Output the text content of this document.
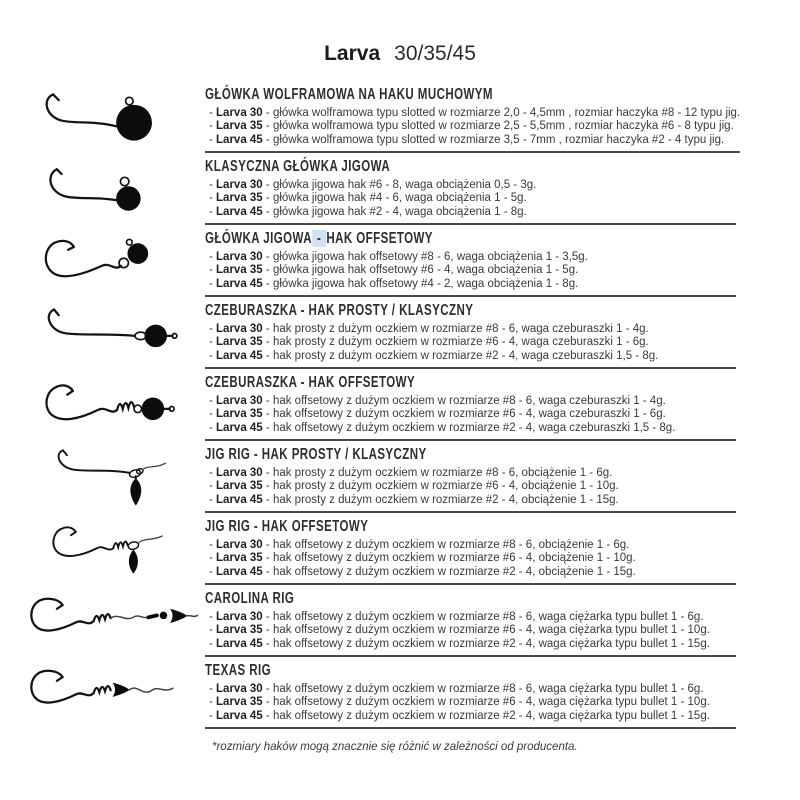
Larva 30/35/45
GŁÓWKA WOLFRAMOWA NA HAKU MUCHOWYM
- Larva 30 - główka wolframowa typu slotted w rozmiarze 2,0 - 4,5mm , rozmiar haczyka #8 - 12 typu jig.
- Larva 35 - główka wolframowa typu slotted w rozmiarze 2,5 - 5,5mm , rozmiar haczyka #6 - 8 typu jig.
- Larva 45 - główka wolframowa typu slotted w rozmiarze 3,5 - 7mm , rozmiar haczyka #2 - 4 typu jig.
KLASYCZNA GŁÓWKA JIGOWA
- Larva 30 - główka jigowa hak #6 - 8, waga obciążenia 0,5 - 3g.
- Larva 35 - główka jigowa hak #4 - 6, waga obciążenia 1 - 5g.
- Larva 45 - główka jigowa hak #2 - 4, waga obciążenia 1 - 8g.
GŁÓWKA JIGOWA - HAK OFFSETOWY
- Larva 30 - główka jigowa hak offsetowy #8 - 6, waga obciążenia 1 - 3,5g.
- Larva 35 - główka jigowa hak offsetowy #6 - 4, waga obciążenia 1 - 5g.
- Larva 45 - główka jigowa hak offsetowy #4 - 2, waga obciążenia 1 - 8g.
CZEBURASZKA - HAK PROSTY / KLASYCZNY
- Larva 30 - hak prosty z dużym oczkiem w rozmiarze #8 - 6, waga czeburaszki 1 - 4g.
- Larva 35 - hak prosty z dużym oczkiem w rozmiarze #6 - 4, waga czeburaszki 1 - 6g.
- Larva 45 - hak prosty z dużym oczkiem w rozmiarze #2 - 4, waga czeburaszki 1,5 - 8g.
CZEBURASZKA - HAK OFFSETOWY
- Larva 30 - hak offsetowy z dużym oczkiem w rozmiarze #8 - 6, waga czeburaszki 1 - 4g.
- Larva 35 - hak offsetowy z dużym oczkiem w rozmiarze #6 - 4, waga czeburaszki 1 - 6g.
- Larva 45 - hak offsetowy z dużym oczkiem w rozmiarze #2 - 4, waga czeburaszki 1,5 - 8g.
JIG RIG - HAK PROSTY / KLASYCZNY
- Larva 30 - hak prosty z dużym oczkiem w rozmiarze #8 - 6, obciążenie 1 - 6g.
- Larva 35 - hak prosty z dużym oczkiem w rozmiarze #6 - 4, obciążenie 1 - 10g.
- Larva 45 - hak prosty z dużym oczkiem w rozmiarze #2 - 4, obciążenie 1 - 15g.
JIG RIG - HAK OFFSETOWY
- Larva 30 - hak offsetowy z dużym oczkiem w rozmiarze #8 - 6, obciążenie 1 - 6g.
- Larva 35 - hak offsetowy z dużym oczkiem w rozmiarze #6 - 4, obciążenie 1 - 10g.
- Larva 45 - hak offsetowy z dużym oczkiem w rozmiarze #2 - 4, obciążenie 1 - 15g.
CAROLINA RIG
- Larva 30 - hak offsetowy z dużym oczkiem w rozmiarze #8 - 6, waga ciężarka typu bullet 1 - 6g.
- Larva 35 - hak offsetowy z dużym oczkiem w rozmiarze #6 - 4, waga ciężarka typu bullet 1 - 10g.
- Larva 45 - hak offsetowy z dużym oczkiem w rozmiarze #2 - 4, waga ciężarka typu bullet 1 - 15g.
TEXAS RIG
- Larva 30 - hak offsetowy z dużym oczkiem w rozmiarze #8 - 6, waga ciężarka typu bullet 1 - 6g.
- Larva 35 - hak offsetowy z dużym oczkiem w rozmiarze #6 - 4, waga ciężarka typu bullet 1 - 10g.
- Larva 45 - hak offsetowy z dużym oczkiem w rozmiarze #2 - 4, waga ciężarka typu bullet 1 - 15g.
*rozmiary haków mogą znacznie się różnić w zależności od producenta.
